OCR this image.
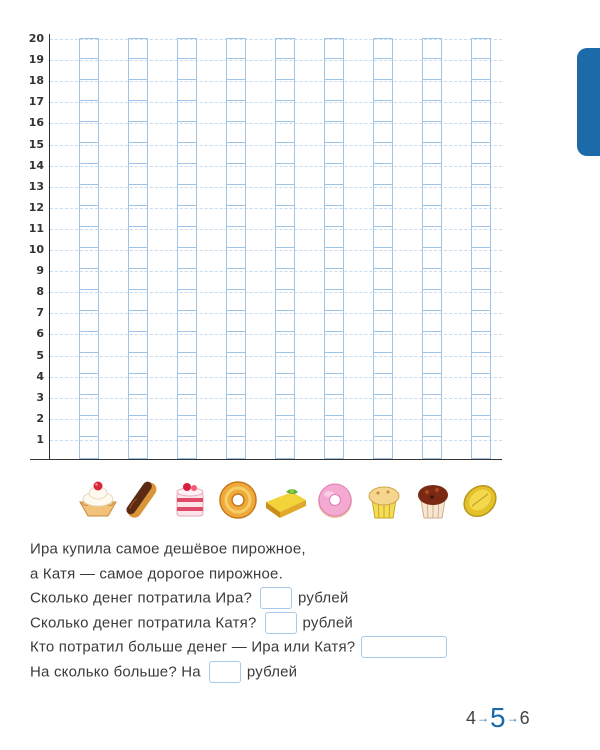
20
19
18
17
16
15
14
13
12
11
10
9
8
7
6
5
4
3
2
1
Ира купила самое дешёвое пирожное,
а Катя — самое дорогое пирожное.
Сколько денег потратила Ира?	рублей
Сколько денег потратила Катя?	рублей
Кто потратил больше денег — Ира или Катя?
На сколько больше? На	рублей
4→5→6
